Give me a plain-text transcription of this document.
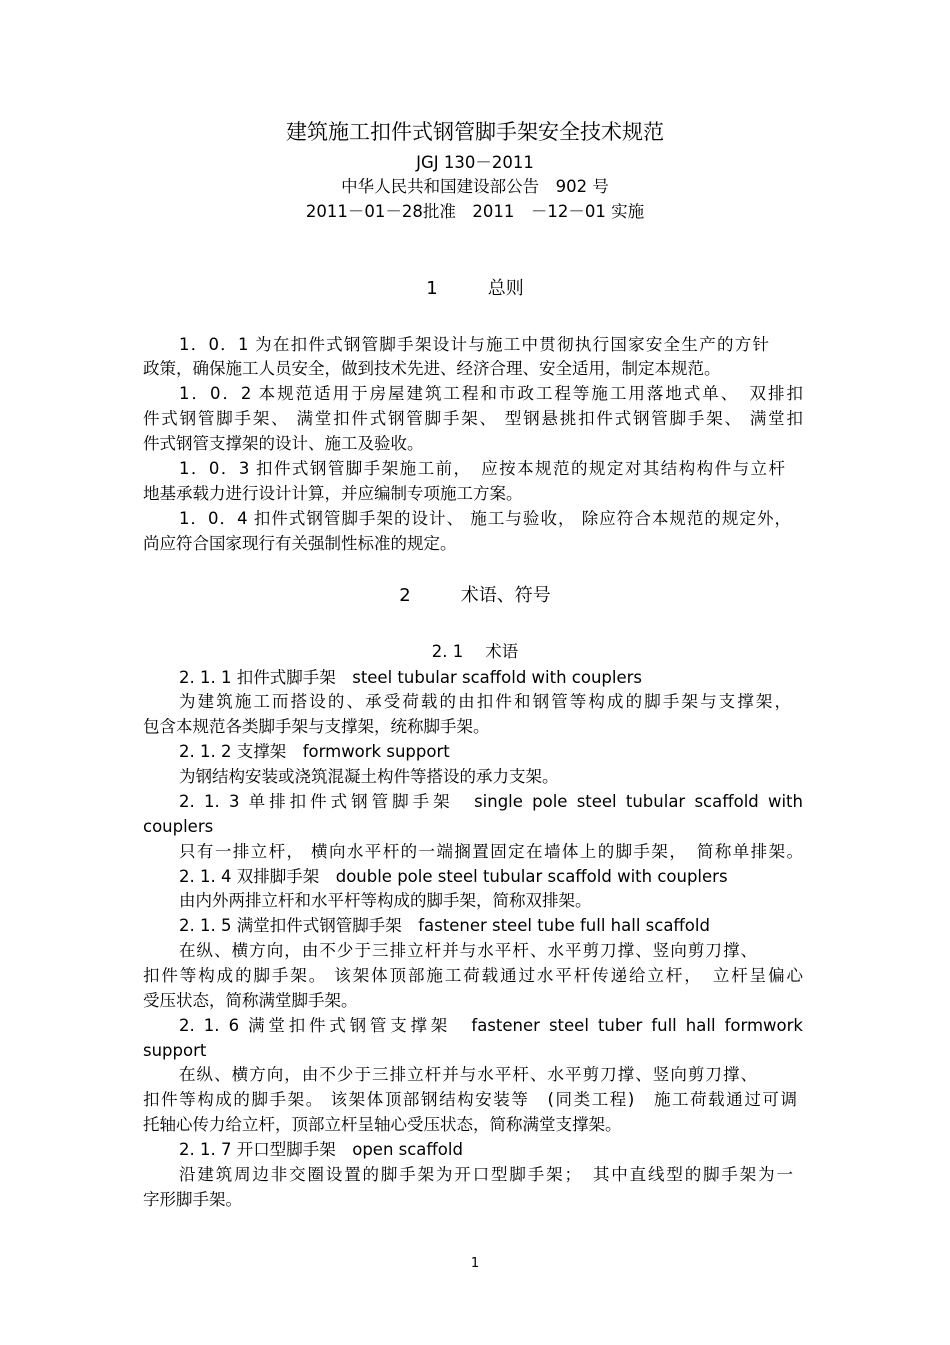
建筑施工扣件式钢管脚手架安全技术规范

JGJ 130－2011

中华人民共和国建设部公告　902 号

2011－01－28批准　2011　－12－01 实施

1	总则

1．0．1 为在扣件式钢管脚手架设计与施工中贯彻执行国家安全生产的方针

政策，确保施工人员安全，做到技术先进、经济合理、安全适用，制定本规范。

1．0．2 本规范适用于房屋建筑工程和市政工程等施工用落地式单、　双排扣

件式钢管脚手架、 满堂扣件式钢管脚手架、 型钢悬挑扣件式钢管脚手架、 满堂扣

件式钢管支撑架的设计、施工及验收。

1．0．3 扣件式钢管脚手架施工前，　应按本规范的规定对其结构构件与立杆

地基承载力进行设计计算，并应编制专项施工方案。

1．0．4 扣件式钢管脚手架的设计、 施工与验收， 除应符合本规范的规定外，

尚应符合国家现行有关强制性标准的规定。

2	术语、符号

2. 1 术语

2. 1. 1 扣件式脚手架　steel tubular scaffold with couplers

为建筑施工而搭设的、承受荷载的由扣件和钢管等构成的脚手架与支撑架，

包含本规范各类脚手架与支撑架，统称脚手架。

2. 1. 2 支撑架　formwork support

为钢结构安装或浇筑混凝土构件等搭设的承力支架。

2. 1. 3 单排扣件式钢管脚手架　single pole steel tubular scaffold with

couplers

只有一排立杆， 横向水平杆的一端搁置固定在墙体上的脚手架，　简称单排架。

2. 1. 4 双排脚手架　double pole steel tubular scaffold with couplers

由内外两排立杆和水平杆等构成的脚手架，简称双排架。

2. 1. 5 满堂扣件式钢管脚手架　fastener steel tube full hall scaffold

在纵、横方向，由不少于三排立杆并与水平杆、水平剪刀撑、竖向剪刀撑、

扣件等构成的脚手架。 该架体顶部施工荷载通过水平杆传递给立杆，　立杆呈偏心

受压状态，简称满堂脚手架。

2. 1. 6 满堂扣件式钢管支撑架　fastener steel tuber full hall formwork

support

在纵、横方向，由不少于三排立杆并与水平杆、水平剪刀撑、竖向剪刀撑、

扣件等构成的脚手架。 该架体顶部钢结构安装等　(同类工程)　施工荷载通过可调

托轴心传力给立杆，顶部立杆呈轴心受压状态，简称满堂支撑架。

2. 1. 7 开口型脚手架　open scaffold

沿建筑周边非交圈设置的脚手架为开口型脚手架；　其中直线型的脚手架为一

字形脚手架。

1
